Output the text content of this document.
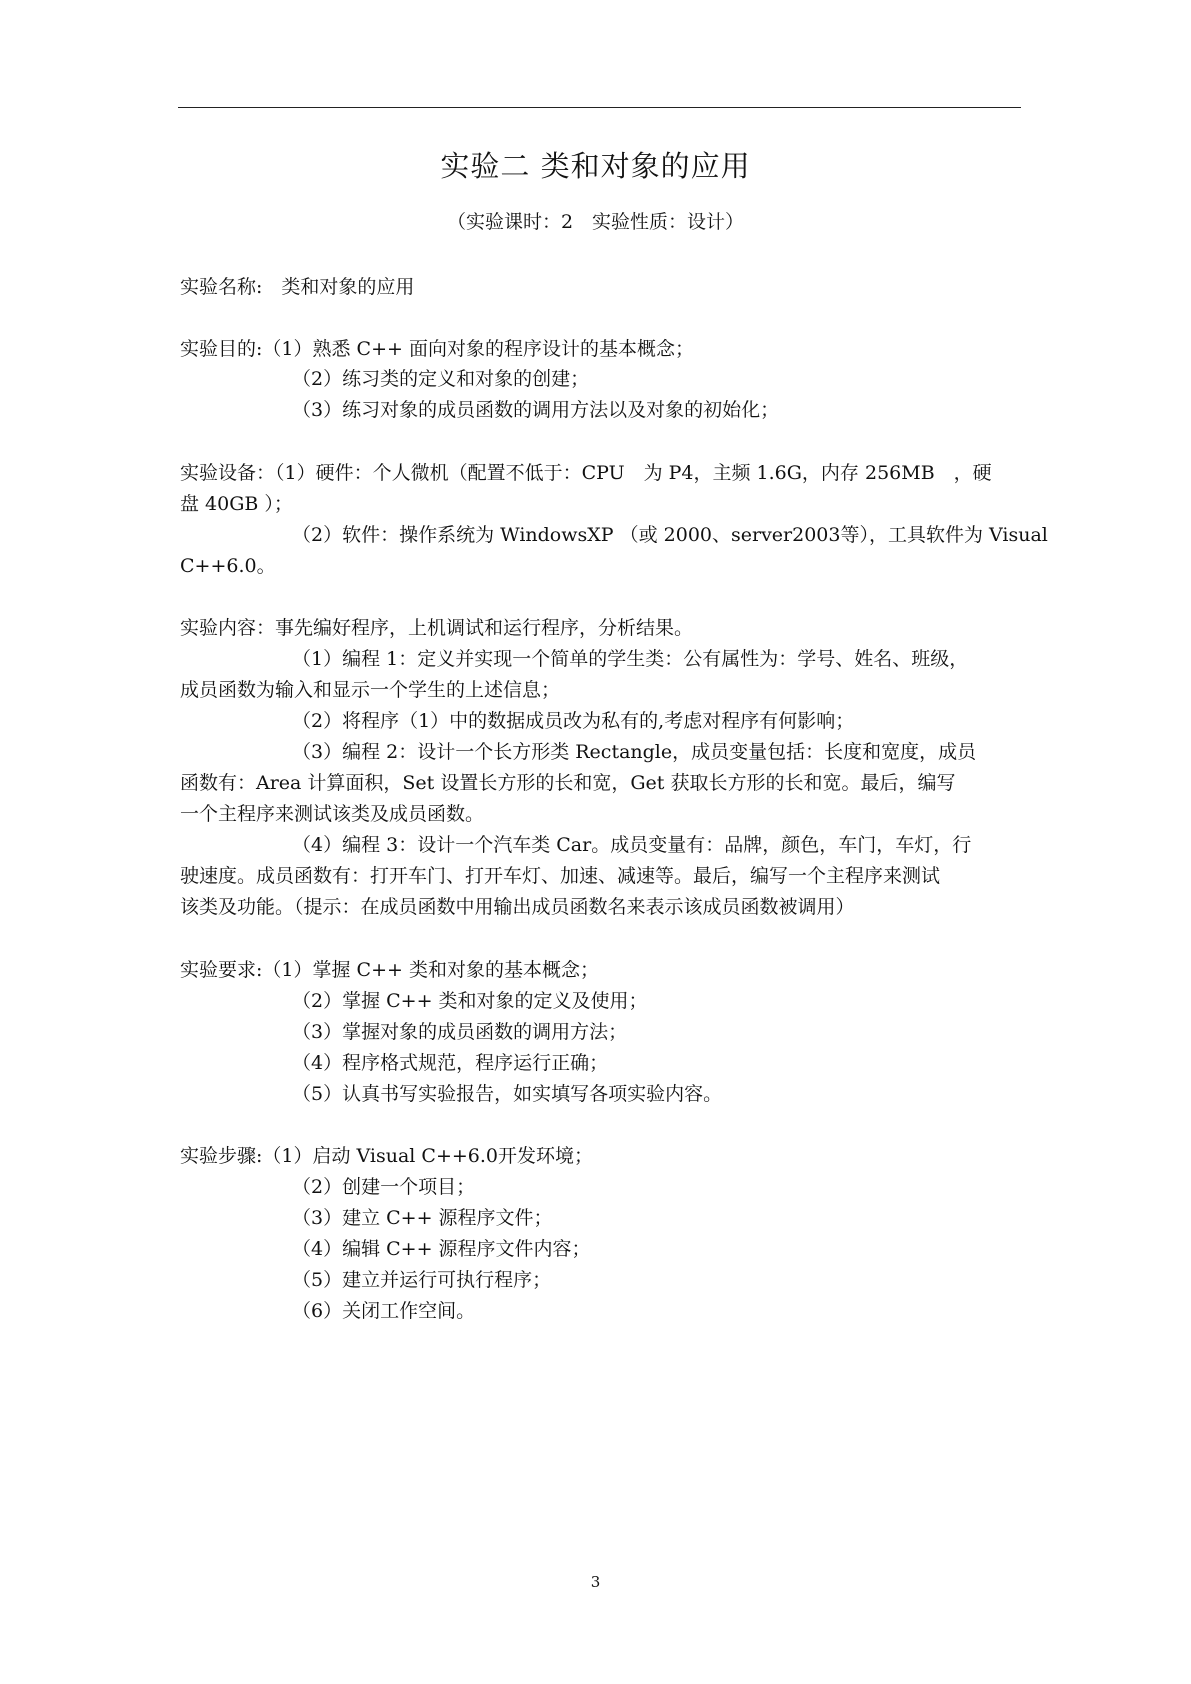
实验二 类和对象的应用
（实验课时：2　实验性质：设计）
实验名称:　类和对象的应用
实验目的:（1）熟悉 C++ 面向对象的程序设计的基本概念；
（2）练习类的定义和对象的创建；
（3）练习对象的成员函数的调用方法以及对象的初始化；
实验设备：（1）硬件：个人微机（配置不低于：CPU　为 P4，主频 1.6G，内存 256MB　，硬
盘 40GB ）；
（2）软件：操作系统为 WindowsXP （或 2000、server2003等），工具软件为 Visual
C++6.0。
实验内容：事先编好程序，上机调试和运行程序，分析结果。
（1）编程 1：定义并实现一个简单的学生类：公有属性为：学号、姓名、班级，
成员函数为输入和显示一个学生的上述信息；
（2）将程序（1）中的数据成员改为私有的,考虑对程序有何影响；
（3）编程 2：设计一个长方形类 Rectangle，成员变量包括：长度和宽度，成员
函数有：Area 计算面积，Set 设置长方形的长和宽，Get 获取长方形的长和宽。最后，编写
一个主程序来测试该类及成员函数。
（4）编程 3：设计一个汽车类 Car。成员变量有：品牌，颜色，车门，车灯，行
驶速度。成员函数有：打开车门、打开车灯、加速、减速等。最后，编写一个主程序来测试
该类及功能。（提示：在成员函数中用输出成员函数名来表示该成员函数被调用）
实验要求:（1）掌握 C++ 类和对象的基本概念；
（2）掌握 C++ 类和对象的定义及使用；
（3）掌握对象的成员函数的调用方法；
（4）程序格式规范，程序运行正确；
（5）认真书写实验报告，如实填写各项实验内容。
实验步骤:（1）启动 Visual C++6.0开发环境；
（2）创建一个项目；
（3）建立 C++ 源程序文件；
（4）编辑 C++ 源程序文件内容；
（5）建立并运行可执行程序；
（6）关闭工作空间。
3
